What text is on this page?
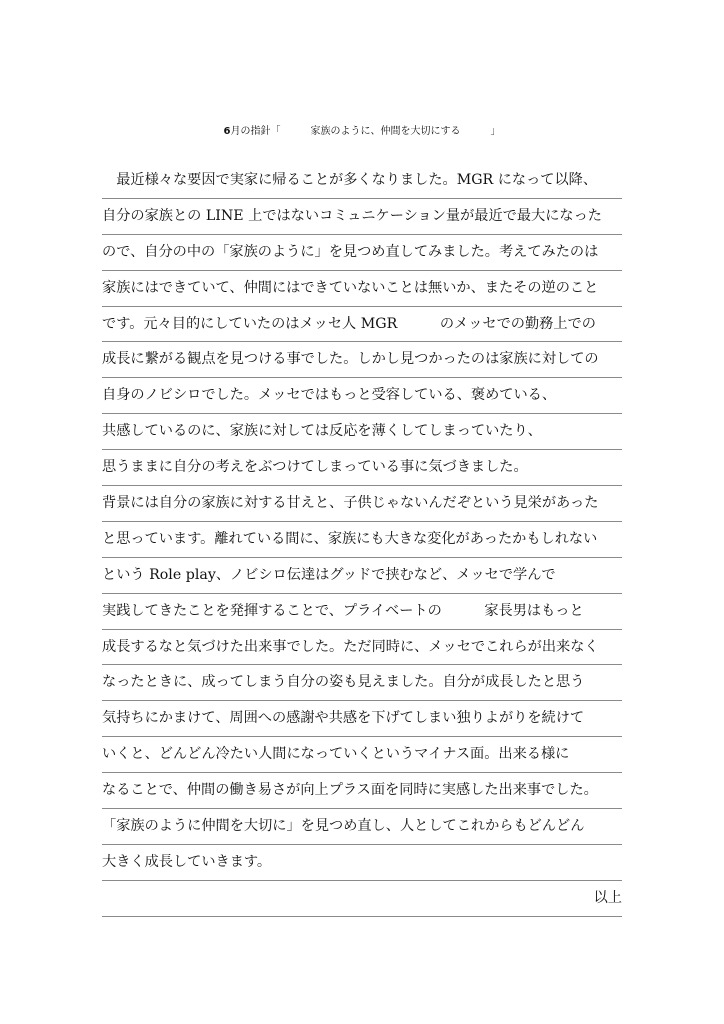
6月の指針「　　　家族のように、仲間を大切にする　　　」
　最近様々な要因で実家に帰ることが多くなりました。MGR になって以降、
自分の家族との LINE 上ではないコミュニケーション量が最近で最大になった
ので、自分の中の「家族のように」を見つめ直してみました。考えてみたのは
家族にはできていて、仲間にはできていないことは無いか、またその逆のこと
です。元々目的にしていたのはメッセ人 MGR　　　のメッセでの勤務上での
成長に繋がる観点を見つける事でした。しかし見つかったのは家族に対しての
自身のノビシロでした。メッセではもっと受容している、褒めている、
共感しているのに、家族に対しては反応を薄くしてしまっていたり、
思うままに自分の考えをぶつけてしまっている事に気づきました。
背景には自分の家族に対する甘えと、子供じゃないんだぞという見栄があった
と思っています。離れている間に、家族にも大きな変化があったかもしれない
という Role play、ノビシロ伝達はグッドで挟むなど、メッセで学んで
実践してきたことを発揮することで、プライベートの　　　家長男はもっと
成長するなと気づけた出来事でした。ただ同時に、メッセでこれらが出来なく
なったときに、成ってしまう自分の姿も見えました。自分が成長したと思う
気持ちにかまけて、周囲への感謝や共感を下げてしまい独りよがりを続けて
いくと、どんどん冷たい人間になっていくというマイナス面。出来る様に
なることで、仲間の働き易さが向上プラス面を同時に実感した出来事でした。
「家族のように仲間を大切に」を見つめ直し、人としてこれからもどんどん
大きく成長していきます。
以上
